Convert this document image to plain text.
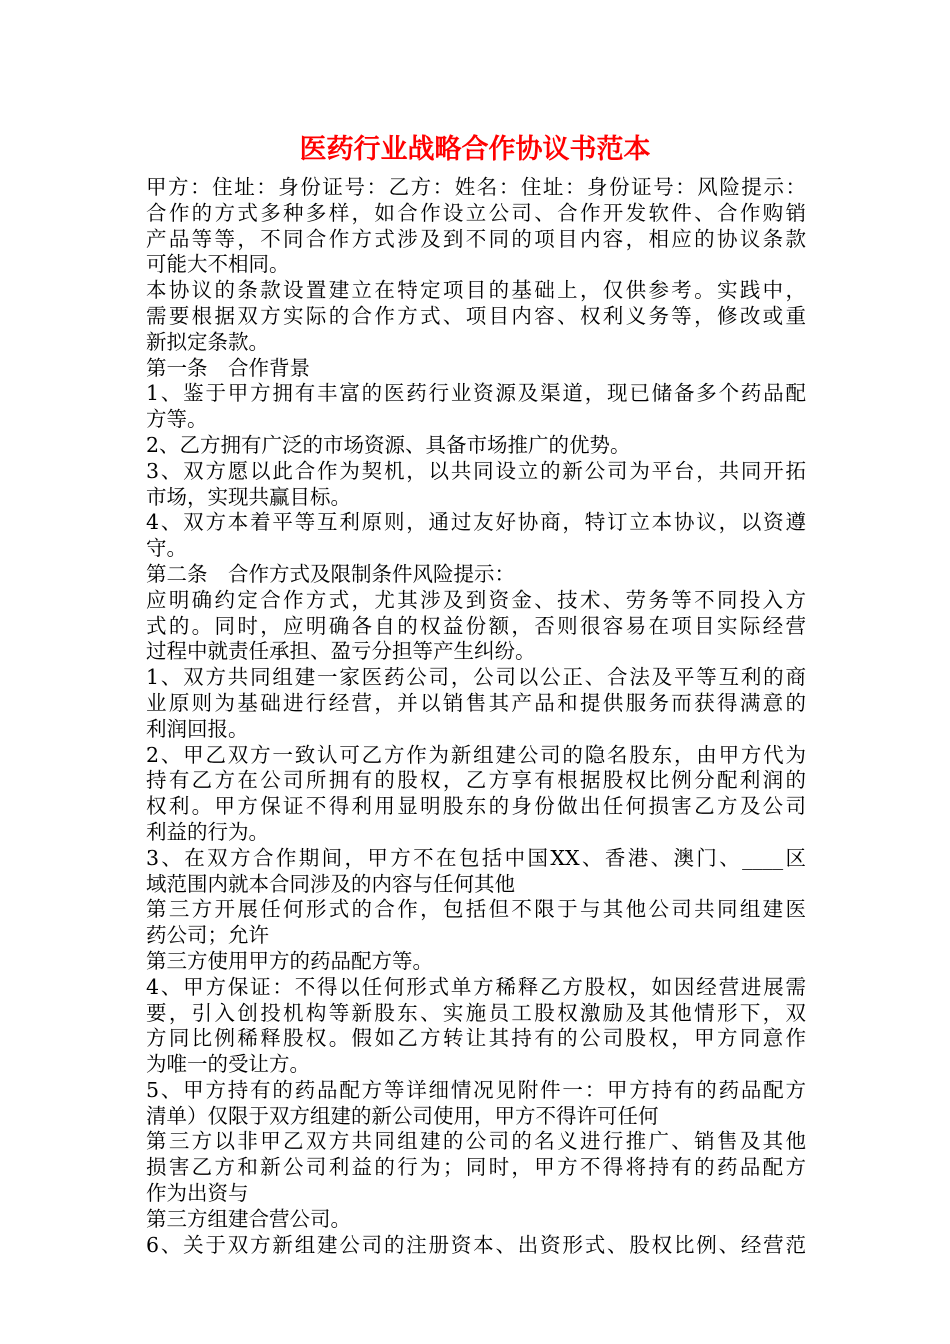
医药行业战略合作协议书范本

甲方：住址：身份证号：乙方：姓名：住址：身份证号：风险提示：

合作的方式多种多样，如合作设立公司、合作开发软件、合作购销

产品等等，不同合作方式涉及到不同的项目内容，相应的协议条款

可能大不相同。

本协议的条款设置建立在特定项目的基础上，仅供参考。实践中，

需要根据双方实际的合作方式、项目内容、权利义务等，修改或重

新拟定条款。

第一条　合作背景

1、鉴于甲方拥有丰富的医药行业资源及渠道，现已储备多个药品配

方等。

2、乙方拥有广泛的市场资源、具备市场推广的优势。

3、双方愿以此合作为契机，以共同设立的新公司为平台，共同开拓

市场，实现共赢目标。

4、双方本着平等互利原则，通过友好协商，特订立本协议，以资遵

守。

第二条　合作方式及限制条件风险提示：

应明确约定合作方式，尤其涉及到资金、技术、劳务等不同投入方

式的。同时，应明确各自的权益份额，否则很容易在项目实际经营

过程中就责任承担、盈亏分担等产生纠纷。

1、双方共同组建一家医药公司，公司以公正、合法及平等互利的商

业原则为基础进行经营，并以销售其产品和提供服务而获得满意的

利润回报。

2、甲乙双方一致认可乙方作为新组建公司的隐名股东，由甲方代为

持有乙方在公司所拥有的股权，乙方享有根据股权比例分配利润的

权利。甲方保证不得利用显明股东的身份做出任何损害乙方及公司

利益的行为。

3、在双方合作期间，甲方不在包括中国XX、香港、澳门、____区

域范围内就本合同涉及的内容与任何其他

第三方开展任何形式的合作，包括但不限于与其他公司共同组建医

药公司；允许

第三方使用甲方的药品配方等。

4、甲方保证：不得以任何形式单方稀释乙方股权，如因经营进展需

要，引入创投机构等新股东、实施员工股权激励及其他情形下，双

方同比例稀释股权。假如乙方转让其持有的公司股权，甲方同意作

为唯一的受让方。

5、甲方持有的药品配方等详细情况见附件一：甲方持有的药品配方

清单）仅限于双方组建的新公司使用，甲方不得许可任何

第三方以非甲乙双方共同组建的公司的名义进行推广、销售及其他

损害乙方和新公司利益的行为；同时，甲方不得将持有的药品配方

作为出资与

第三方组建合营公司。

6、关于双方新组建公司的注册资本、出资形式、股权比例、经营范
